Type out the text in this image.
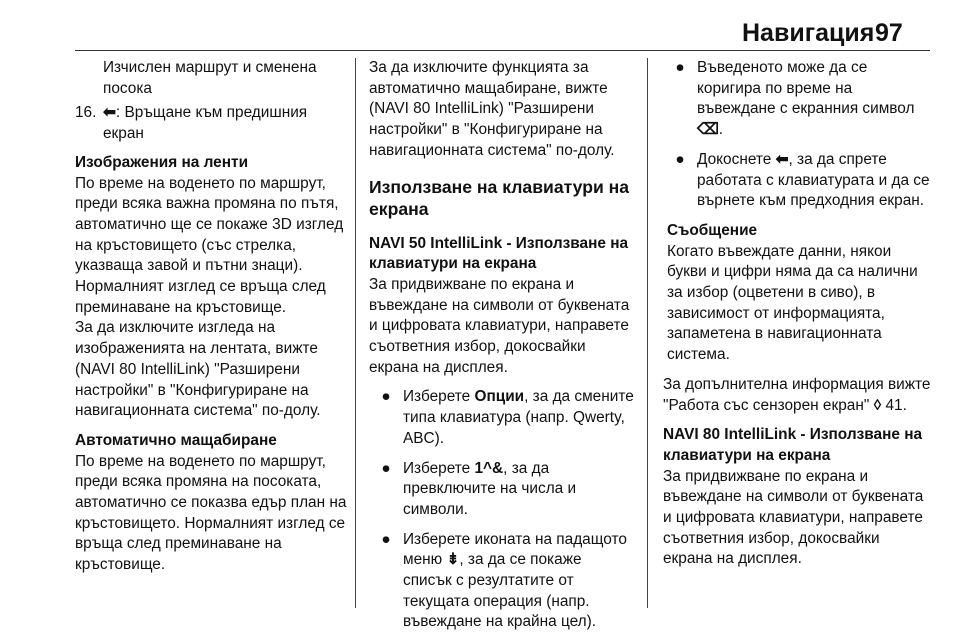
Навигация 97

Изчислен маршрут и сменена
посока

16. ⬅: Връщане към предишния
екран

Изображения на ленти

По време на воденето по маршрут, преди всяка важна промяна по пътя, автоматично ще се покаже 3D изглед на кръстовището (със стрелка, указваща завой и пътни знаци). Нормалният изглед се връща след преминаване на кръстовище.

За да изключите изгледа на изображенията на лентата, вижте (NAVI 80 IntelliLink) "Разширени настройки" в "Конфигуриране на навигационната система" по-долу.

Автоматично мащабиране

По време на воденето по маршрут, преди всяка промяна на посоката, автоматично се показва едър план на кръстовището. Нормалният изглед се връща след преминаване на кръстовище.

За да изключите функцията за автоматично мащабиране, вижте (NAVI 80 IntelliLink) "Разширени настройки" в "Конфигуриране на навигационната система" по-долу.

Използване на клавиатури на екрана

NAVI 50 IntelliLink - Използване на клавиатури на екрана

За придвижване по екрана и въвеждане на символи от буквената и цифровата клавиатури, направете съответния избор, докосвайки екрана на дисплея.

● Изберете Опции, за да смените типа клавиатура (напр. Qwerty, ABC).
● Изберете 1^&, за да превключите на числа и символи.
● Изберете иконата на падащото меню ⇟, за да се покаже списък с резултатите от текущата операция (напр. въвеждане на крайна цел).
● Въведеното може да се коригира по време на въвеждане с екранния символ ⌫.
● Докоснете ⬅, за да спрете работата с клавиатурата и да се върнете към предходния екран.

Съобщение

Когато въвеждате данни, някои букви и цифри няма да са налични за избор (оцветени в сиво), в зависимост от информацията, запаметена в навигационната система.

За допълнителна информация вижте "Работа със сензорен екран" ◊ 41.

NAVI 80 IntelliLink - Използване на клавиатури на екрана

За придвижване по екрана и въвеждане на символи от буквената и цифровата клавиатури, направете съответния избор, докосвайки екрана на дисплея.
